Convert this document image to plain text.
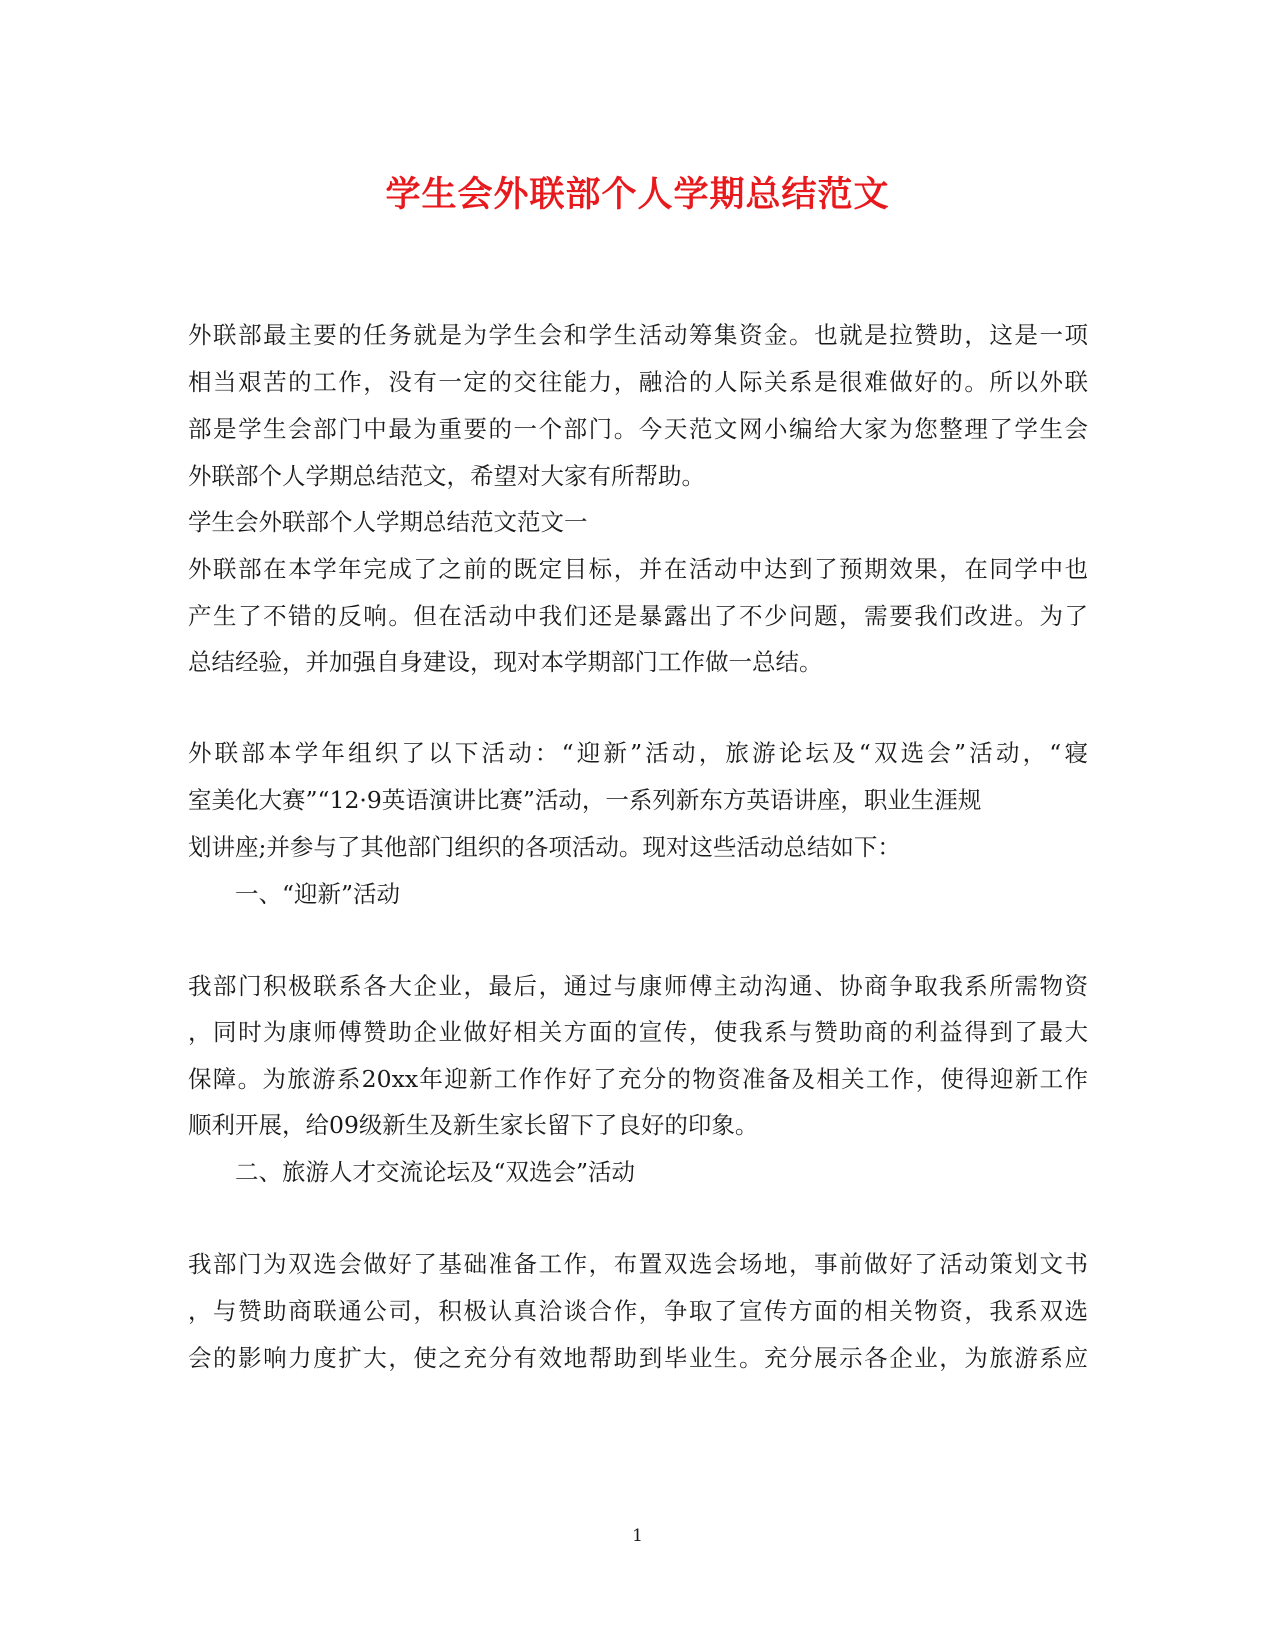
学生会外联部个人学期总结范文

外联部最主要的任务就是为学生会和学生活动筹集资金。也就是拉赞助，这是一项

相当艰苦的工作，没有一定的交往能力，融洽的人际关系是很难做好的。所以外联

部是学生会部门中最为重要的一个部门。今天范文网小编给大家为您整理了学生会

外联部个人学期总结范文，希望对大家有所帮助。

学生会外联部个人学期总结范文范文一

外联部在本学年完成了之前的既定目标，并在活动中达到了预期效果，在同学中也

产生了不错的反响。但在活动中我们还是暴露出了不少问题，需要我们改进。为了

总结经验，并加强自身建设，现对本学期部门工作做一总结。

外联部本学年组织了以下活动：“迎新”活动，旅游论坛及“双选会”活动，“寝

室美化大赛”“12·9英语演讲比赛”活动，一系列新东方英语讲座，职业生涯规

划讲座;并参与了其他部门组织的各项活动。现对这些活动总结如下：

一、“迎新”活动

我部门积极联系各大企业，最后，通过与康师傅主动沟通、协商争取我系所需物资

，同时为康师傅赞助企业做好相关方面的宣传，使我系与赞助商的利益得到了最大

保障。为旅游系20xx年迎新工作作好了充分的物资准备及相关工作，使得迎新工作

顺利开展，给09级新生及新生家长留下了良好的印象。

二、旅游人才交流论坛及“双选会”活动

我部门为双选会做好了基础准备工作，布置双选会场地，事前做好了活动策划文书

，与赞助商联通公司，积极认真洽谈合作，争取了宣传方面的相关物资，我系双选

会的影响力度扩大，使之充分有效地帮助到毕业生。充分展示各企业，为旅游系应

1
